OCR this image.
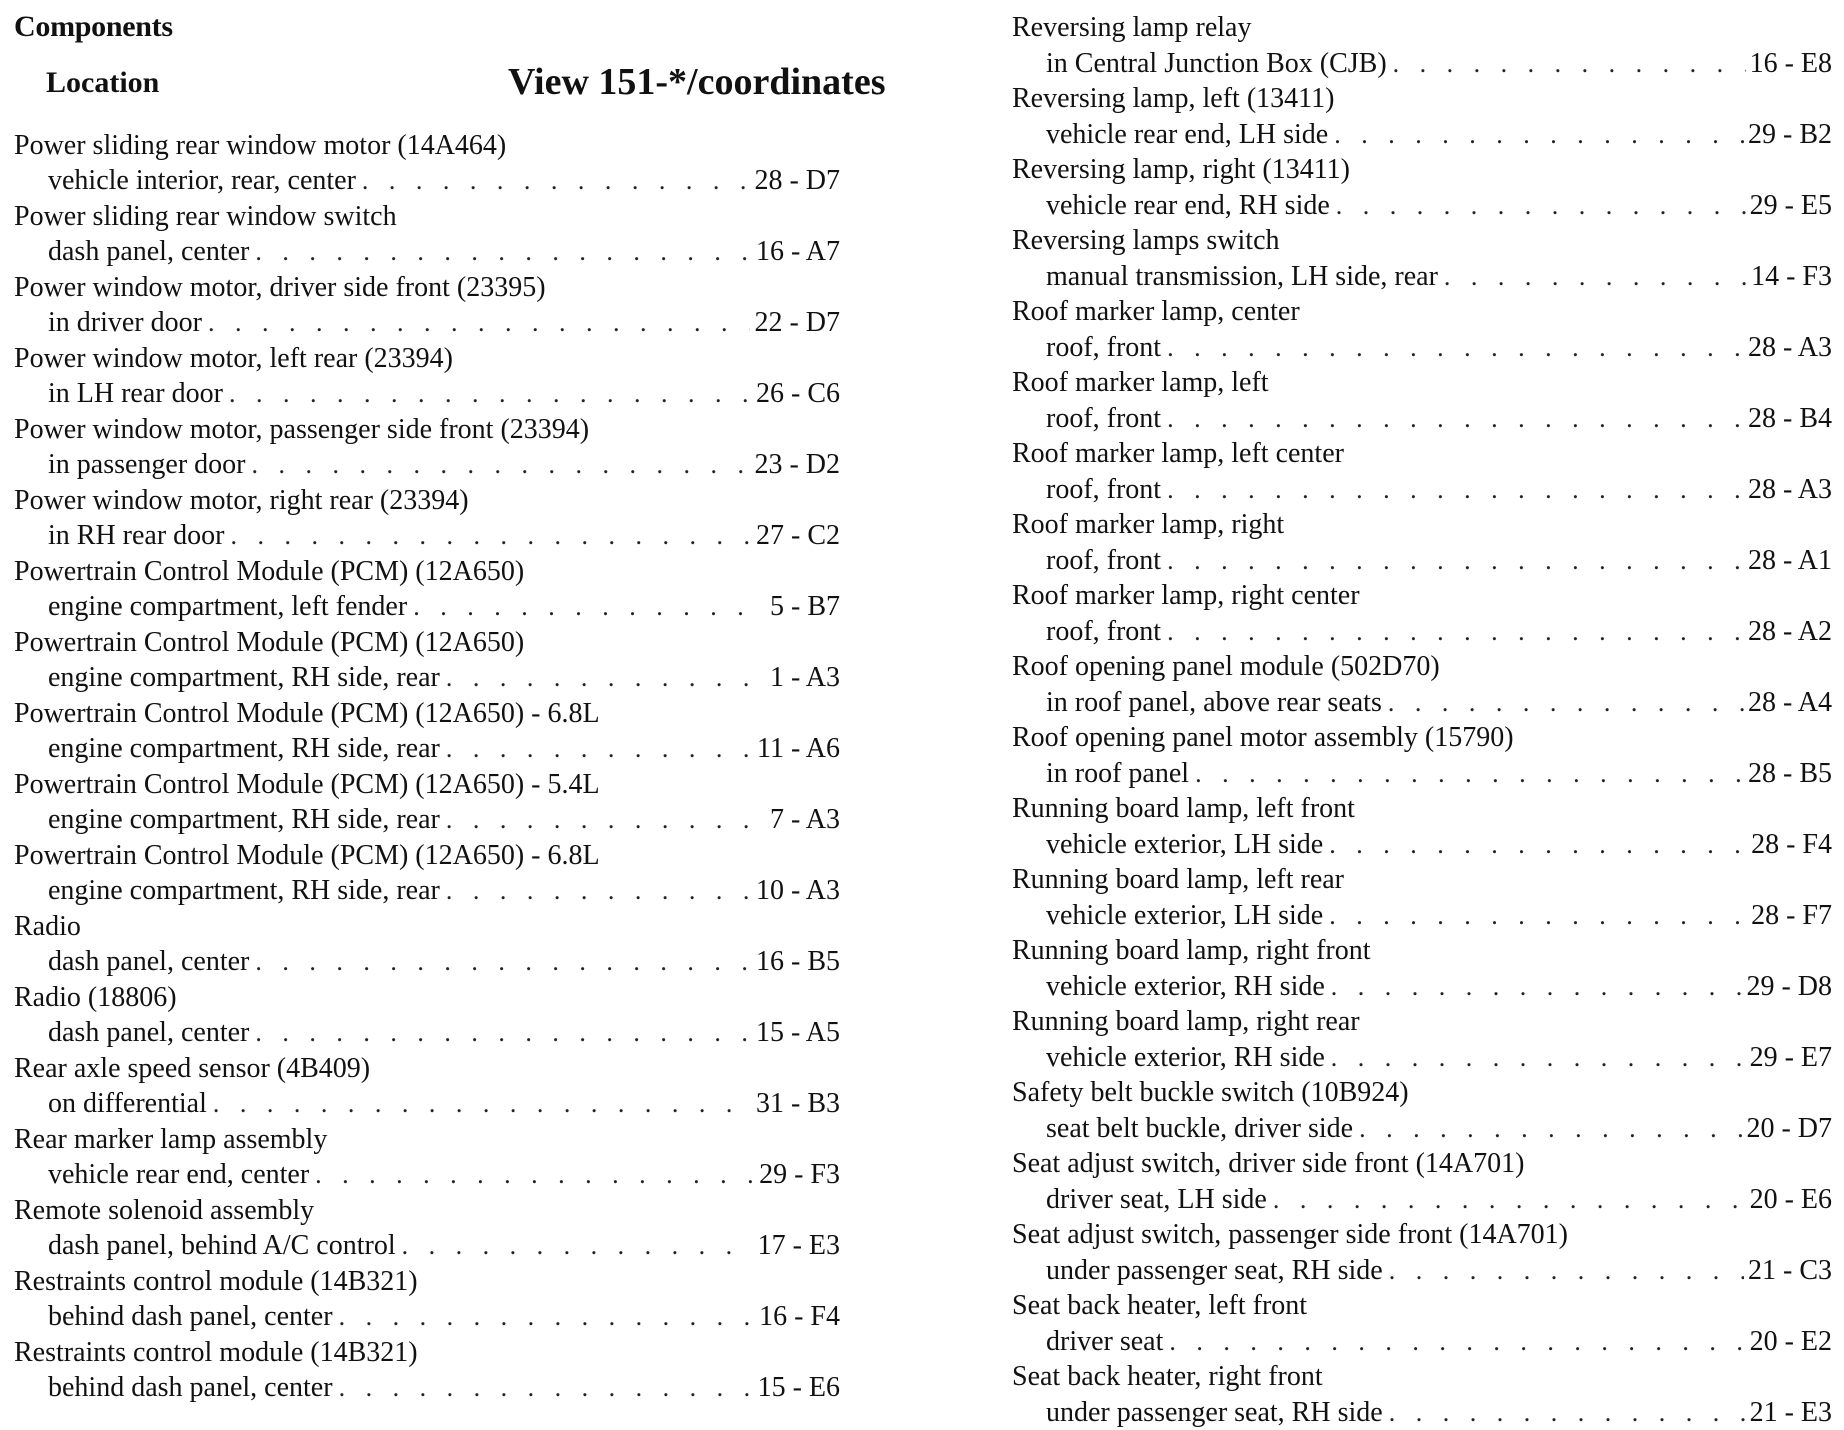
Components
Location	View 151-*/coordinates
Power sliding rear window motor (14A464)
vehicle interior, rear, center . . .	28 - D7
Power sliding rear window switch
dash panel, center . . .	16 - A7
Power window motor, driver side front (23395)
in driver door . . .	22 - D7
Power window motor, left rear (23394)
in LH rear door . . .	26 - C6
Power window motor, passenger side front (23394)
in passenger door . . .	23 - D2
Power window motor, right rear (23394)
in RH rear door . . .	27 - C2
Powertrain Control Module (PCM) (12A650)
engine compartment, left fender . . .	5 - B7
Powertrain Control Module (PCM) (12A650)
engine compartment, RH side, rear . . .	1 - A3
Powertrain Control Module (PCM) (12A650) - 6.8L
engine compartment, RH side, rear . . .	11 - A6
Powertrain Control Module (PCM) (12A650) - 5.4L
engine compartment, RH side, rear . . .	7 - A3
Powertrain Control Module (PCM) (12A650) - 6.8L
engine compartment, RH side, rear . . .	10 - A3
Radio
dash panel, center . . .	16 - B5
Radio (18806)
dash panel, center . . .	15 - A5
Rear axle speed sensor (4B409)
on differential . . .	31 - B3
Rear marker lamp assembly
vehicle rear end, center . . .	29 - F3
Remote solenoid assembly
dash panel, behind A/C control . . .	17 - E3
Restraints control module (14B321)
behind dash panel, center . . .	16 - F4
Restraints control module (14B321)
behind dash panel, center . . .	15 - E6
Reversing lamp relay
in Central Junction Box (CJB) . . .	16 - E8
Reversing lamp, left (13411)
vehicle rear end, LH side . . .	29 - B2
Reversing lamp, right (13411)
vehicle rear end, RH side . . .	29 - E5
Reversing lamps switch
manual transmission, LH side, rear . . .	14 - F3
Roof marker lamp, center
roof, front . . .	28 - A3
Roof marker lamp, left
roof, front . . .	28 - B4
Roof marker lamp, left center
roof, front . . .	28 - A3
Roof marker lamp, right
roof, front . . .	28 - A1
Roof marker lamp, right center
roof, front . . .	28 - A2
Roof opening panel module (502D70)
in roof panel, above rear seats . . .	28 - A4
Roof opening panel motor assembly (15790)
in roof panel . . .	28 - B5
Running board lamp, left front
vehicle exterior, LH side . . .	28 - F4
Running board lamp, left rear
vehicle exterior, LH side . . .	28 - F7
Running board lamp, right front
vehicle exterior, RH side . . .	29 - D8
Running board lamp, right rear
vehicle exterior, RH side . . .	29 - E7
Safety belt buckle switch (10B924)
seat belt buckle, driver side . . .	20 - D7
Seat adjust switch, driver side front (14A701)
driver seat, LH side . . .	20 - E6
Seat adjust switch, passenger side front (14A701)
under passenger seat, RH side . . .	21 - C3
Seat back heater, left front
driver seat . . .	20 - E2
Seat back heater, right front
under passenger seat, RH side . . .	21 - E3
